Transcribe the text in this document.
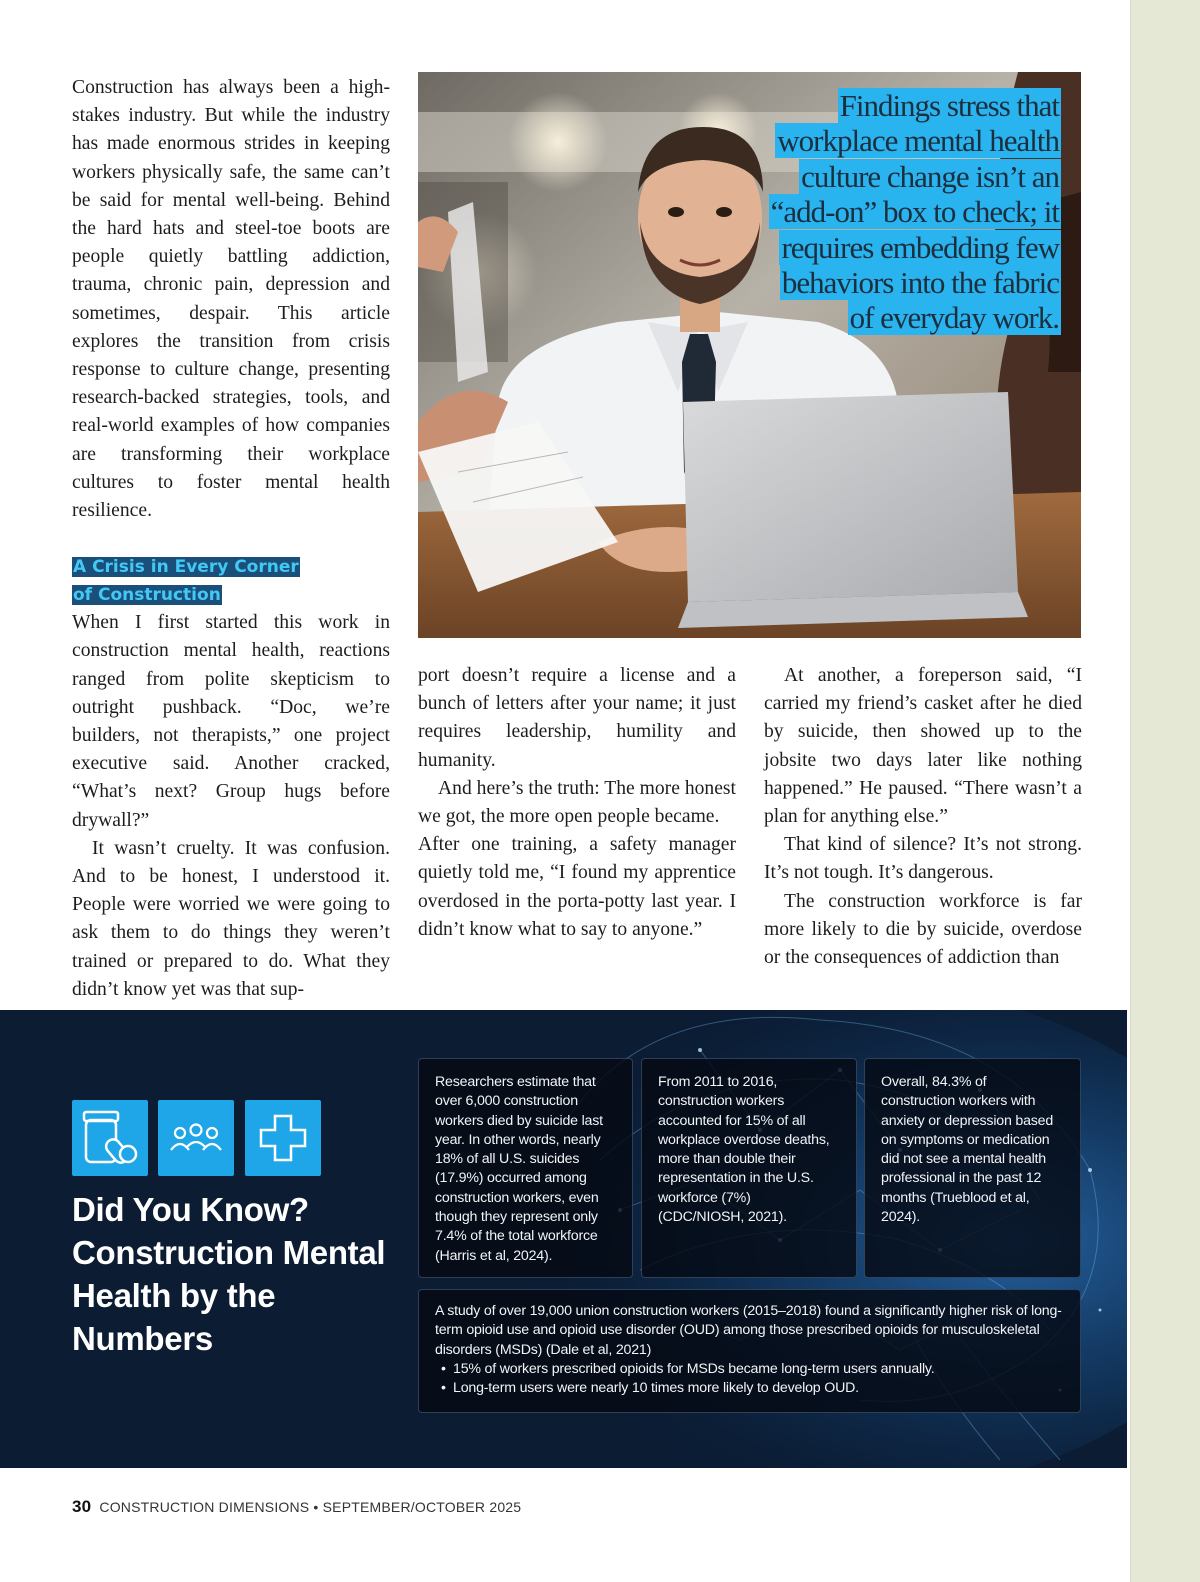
Construction has always been a high-stakes industry. But while the industry has made enormous strides in keeping workers physically safe, the same can’t be said for mental well-being. Behind the hard hats and steel-toe boots are people quietly battling addiction, trauma, chronic pain, depression and sometimes, despair. This article explores the transition from crisis response to culture change, presenting research-backed strategies, tools, and real-world examples of how companies are transforming their workplace cultures to foster mental health resilience.

A Crisis in Every Corner
of Construction

When I first started this work in construction mental health, reactions ranged from polite skepticism to outright pushback. “Doc, we’re builders, not therapists,” one project executive said. Another cracked, “What’s next? Group hugs before drywall?”

It wasn’t cruelty. It was confusion. And to be honest, I understood it. People were worried we were going to ask them to do things they weren’t trained or prepared to do. What they didn’t know yet was that sup-

Findings stress that workplace mental health culture change isn’t an “add-on” box to check; it requires embedding few behaviors into the fabric of everyday work.

port doesn’t require a license and a bunch of letters after your name; it just requires leadership, humility and humanity.

And here’s the truth: The more honest we got, the more open people became.

After one training, a safety manager quietly told me, “I found my apprentice overdosed in the porta-potty last year. I didn’t know what to say to anyone.”

At another, a foreperson said, “I carried my friend’s casket after he died by suicide, then showed up to the jobsite two days later like nothing happened.” He paused. “There wasn’t a plan for anything else.”

That kind of silence? It’s not strong. It’s not tough. It’s dangerous.

The construction workforce is far more likely to die by suicide, overdose or the consequences of addiction than

Did You Know? Construction Mental Health by the Numbers
Researchers estimate that over 6,000 construction workers died by suicide last year. In other words, nearly 18% of all U.S. suicides (17.9%) occurred among construction workers, even though they represent only 7.4% of the total workforce (Harris et al, 2024).
From 2011 to 2016, construction workers accounted for 15% of all workplace overdose deaths, more than double their representation in the U.S. workforce (7%) (CDC/NIOSH, 2021).
Overall, 84.3% of construction workers with anxiety or depression based on symptoms or medication did not see a mental health professional in the past 12 months (Trueblood et al, 2024).
A study of over 19,000 union construction workers (2015–2018) found a significantly higher risk of long-term opioid use and opioid use disorder (OUD) among those prescribed opioids for musculoskeletal disorders (MSDs) (Dale et al, 2021)
• 15% of workers prescribed opioids for MSDs became long-term users annually.
• Long-term users were nearly 10 times more likely to develop OUD.
30 CONSTRUCTION DIMENSIONS • SEPTEMBER/OCTOBER 2025
